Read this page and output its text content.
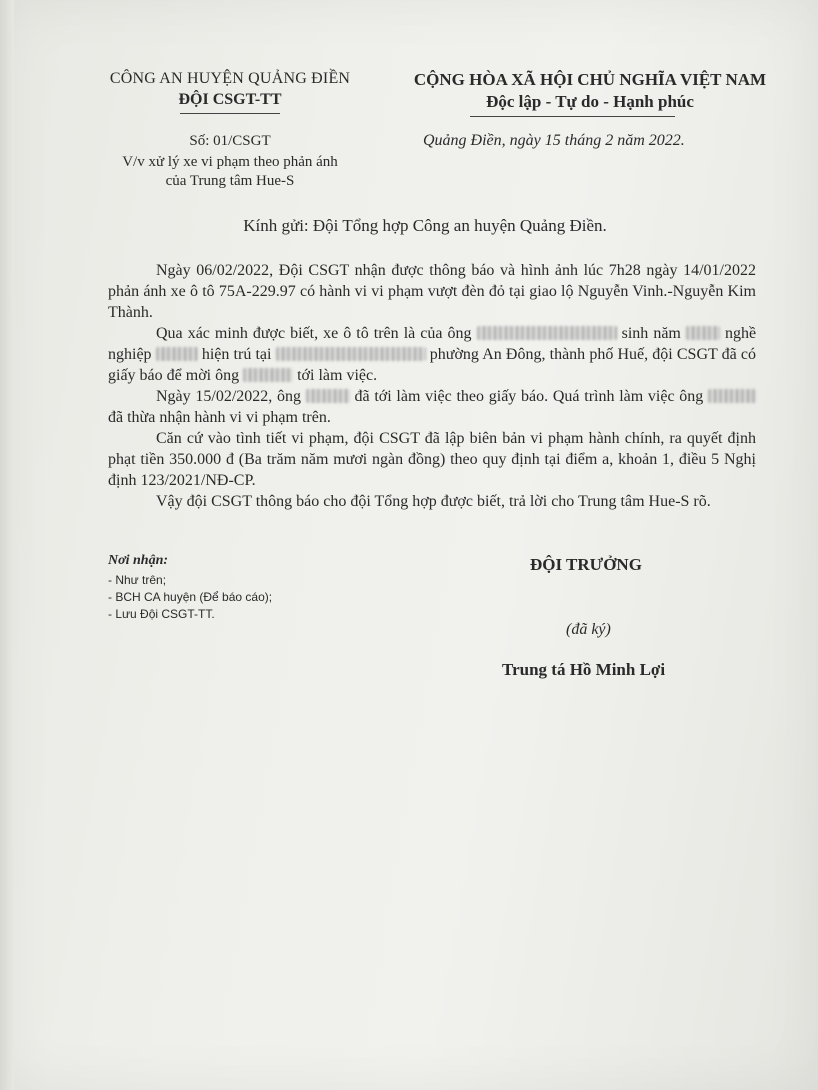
CÔNG AN HUYỆN QUẢNG ĐIỀN
ĐỘI CSGT-TT
CỘNG HÒA XÃ HỘI CHỦ NGHĨA VIỆT NAM
Độc lập - Tự do - Hạnh phúc
Số: 01/CSGT
V/v xử lý xe vi phạm theo phản ánh
của Trung tâm Hue-S
Quảng Điền, ngày 15 tháng 2 năm 2022.
Kính gửi: Đội Tổng hợp Công an huyện Quảng Điền.

Ngày 06/02/2022, Đội CSGT nhận được thông báo và hình ảnh lúc 7h28 ngày 14/01/2022 phản ánh xe ô tô 75A-229.97 có hành vi vi phạm vượt đèn đỏ tại giao lộ Nguyễn Vinh.-Nguyễn Kim Thành.

Qua xác minh được biết, xe ô tô trên là của ông	sinh năm	nghề nghiệp	hiện trú tại	phường An Đông, thành phố Huế, đội CSGT đã có giấy báo để mời ông	tới làm việc.

Ngày 15/02/2022, ông	đã tới làm việc theo giấy báo. Quá trình làm việc ông  đã thừa nhận hành vi vi phạm trên.

Căn cứ vào tình tiết vi phạm, đội CSGT đã lập biên bản vi phạm hành chính, ra quyết định phạt tiền 350.000 đ (Ba trăm năm mươi ngàn đồng) theo quy định tại điểm a, khoản 1, điều 5 Nghị định 123/2021/NĐ-CP.

Vậy đội CSGT thông báo cho đội Tổng hợp được biết, trả lời cho Trung tâm Hue-S rõ.

Nơi nhận:
- Như trên;
- BCH CA huyện (Để báo cáo);
- Lưu Đội CSGT-TT.
ĐỘI TRƯỞNG
(đã ký)
Trung tá Hồ Minh Lợi
